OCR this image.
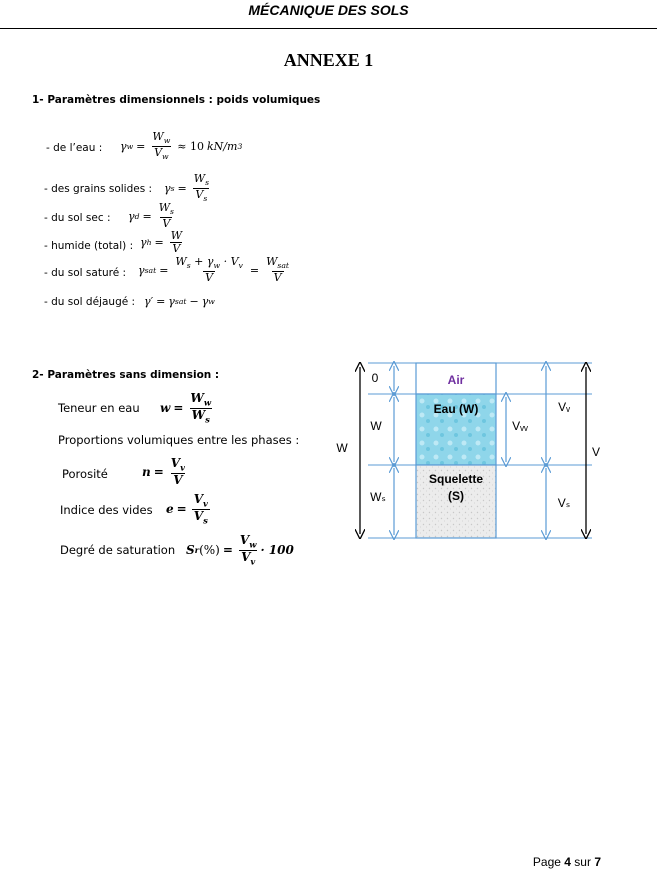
MÉCANIQUE DES SOLS
ANNEXE 1
1- Paramètres dimensionnels : poids volumiques
- de l’eau : γ $w = \frac{W_w}{V_w} \approx 10$ kN/m 3
- des grains solides : γ $s = \frac{W_s}{V_s}$
- du sol sec : γ $d = \frac{W_s}{V}$
- humide (total) : γ $h = \frac{W}{V}$
- du sol saturé : γ sat = $\frac{W_s + \gamma_w \cdot V_v}{V} = \frac{W_{sat}}{V}$
- du sol déjaugé : γ′ = γ sat − γ w
2- Paramètres sans dimension :
Teneur en eau $w = \frac{W_w}{W_s}$
Proportions volumiques entre les phases :
Porosité	$n = \frac{V_v}{V}$
Indice des vides $e = \frac{V_v}{V_s}$
Degré de saturation S r (%) = $\frac{V_w}{V_v} \cdot 100$
Air
Eau (W)
Squelette
(S)
0
W
W
Wₛ
Vᵥᵥ
Vᵥ
Vₛ
V
Page 4 sur 7
